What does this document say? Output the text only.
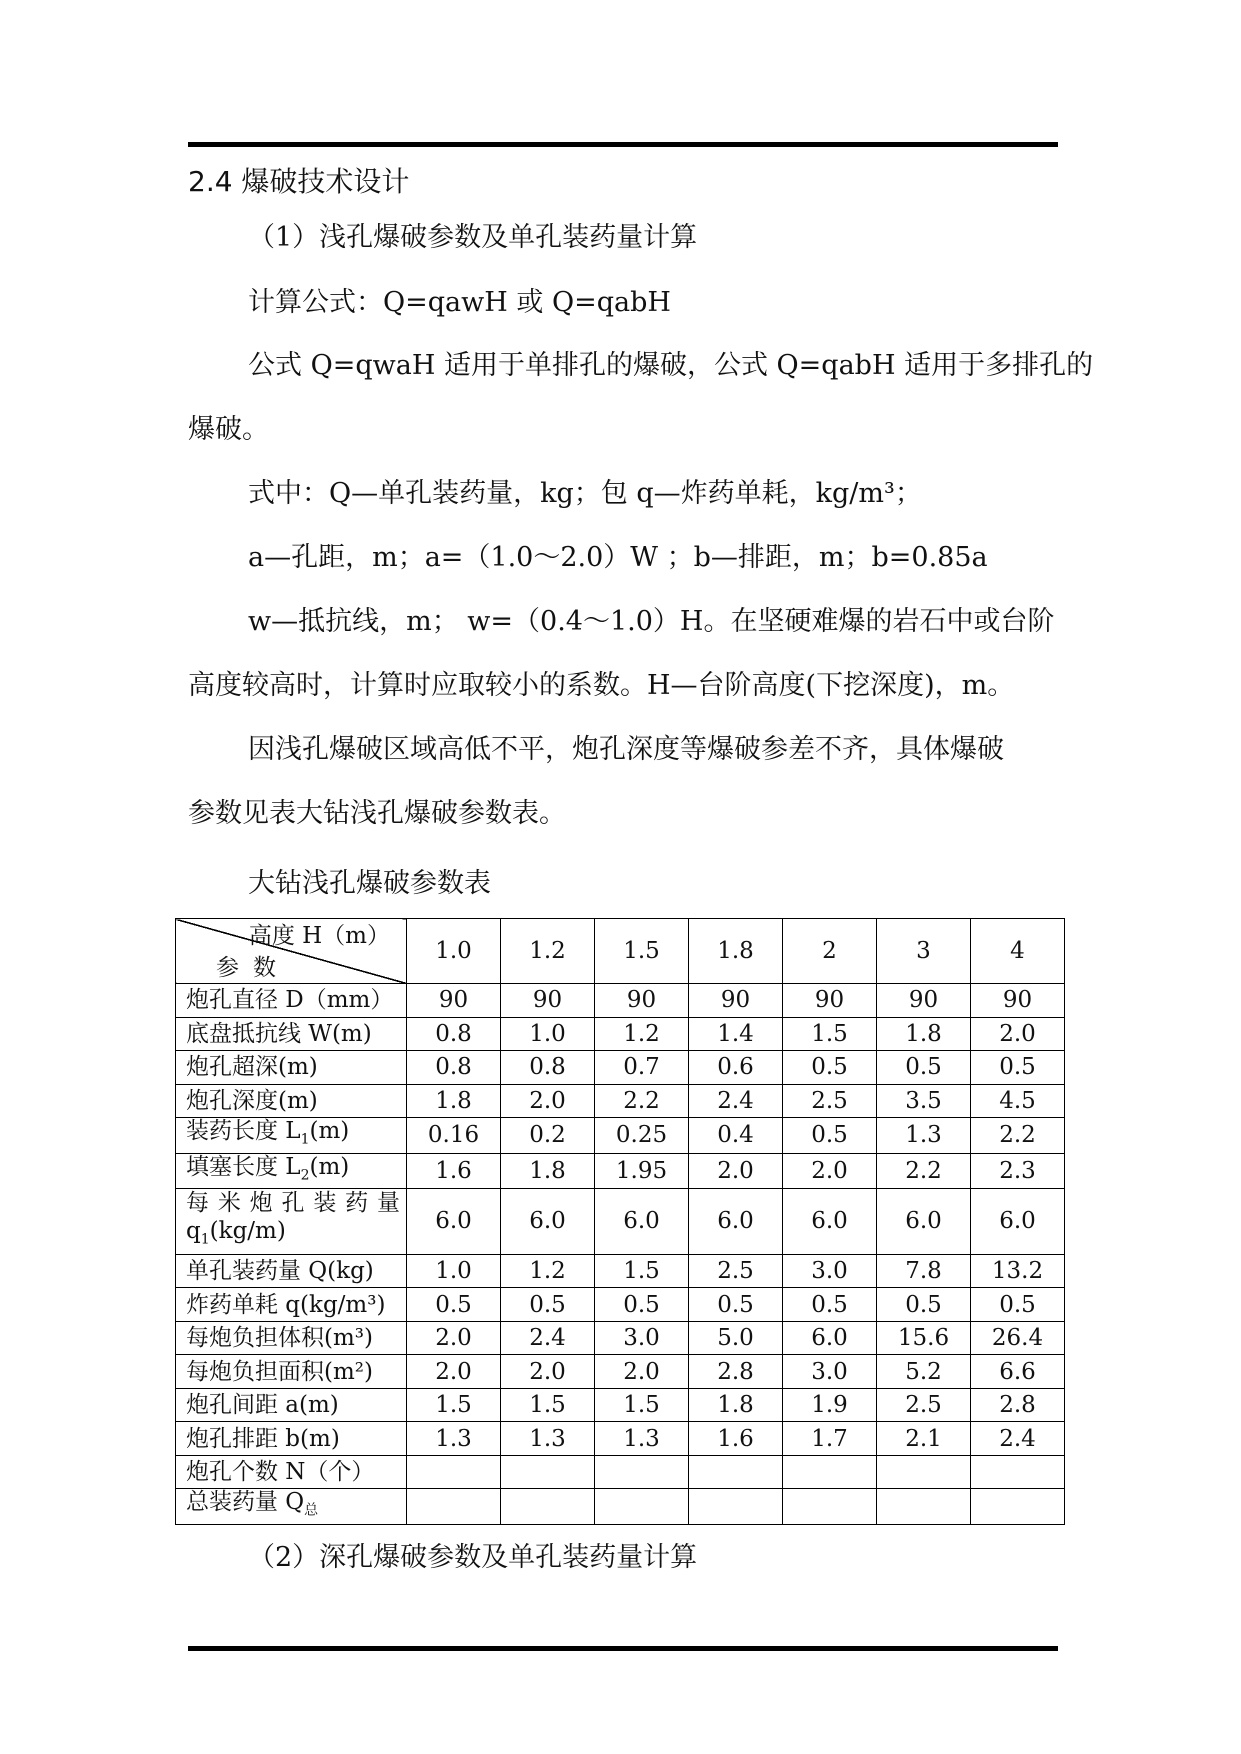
2.4 爆破技术设计
（1）浅孔爆破参数及单孔装药量计算
计算公式：Q=qawH 或 Q=qabH
公式 Q=qwaH 适用于单排孔的爆破，公式 Q=qabH 适用于多排孔的
爆破。
式中：Q—单孔装药量，kg；包 q—炸药单耗，kg/m³；
a—孔距，m；a=（1.0～2.0）W ；b—排距，m；b=0.85a
w—抵抗线，m； w=（0.4～1.0）H。在坚硬难爆的岩石中或台阶
高度较高时，计算时应取较小的系数。H—台阶高度(下挖深度)，m。
因浅孔爆破区域高低不平，炮孔深度等爆破参差不齐，具体爆破
参数见表大钻浅孔爆破参数表。
大钻浅孔爆破参数表
高度 H（m）
参数	1.0	1.2	1.5	1.8	2	3	4
炮孔直径 D（mm）	90	90	90	90	90	90	90
底盘抵抗线 W(m)	0.8	1.0	1.2	1.4	1.5	1.8	2.0
炮孔超深(m)	0.8	0.8	0.7	0.6	0.5	0.5	0.5
炮孔深度(m)	1.8	2.0	2.2	2.4	2.5	3.5	4.5
装药长度 $L_1(m)$	0.16	0.2	0.25	0.4	0.5	1.3	2.2
填塞长度 $L_2(m)$	1.6	1.8	1.95	2.0	2.0	2.2	2.3
每米炮孔装药量
$q_1(kg/m)$	6.0	6.0	6.0	6.0	6.0	6.0	6.0
单孔装药量 Q(kg)	1.0	1.2	1.5	2.5	3.0	7.8	13.2
炸药单耗 q(kg/m³)	0.5	0.5	0.5	0.5	0.5	0.5	0.5
每炮负担体积(m³)	2.0	2.4	3.0	5.0	6.0	15.6	26.4
每炮负担面积(m²)	2.0	2.0	2.0	2.8	3.0	5.2	6.6
炮孔间距 a(m)	1.5	1.5	1.5	1.8	1.9	2.5	2.8
炮孔排距 b(m)	1.3	1.3	1.3	1.6	1.7	2.1	2.4
炮孔个数 N（个）							
总装药量 $Q_总$							
（2）深孔爆破参数及单孔装药量计算
